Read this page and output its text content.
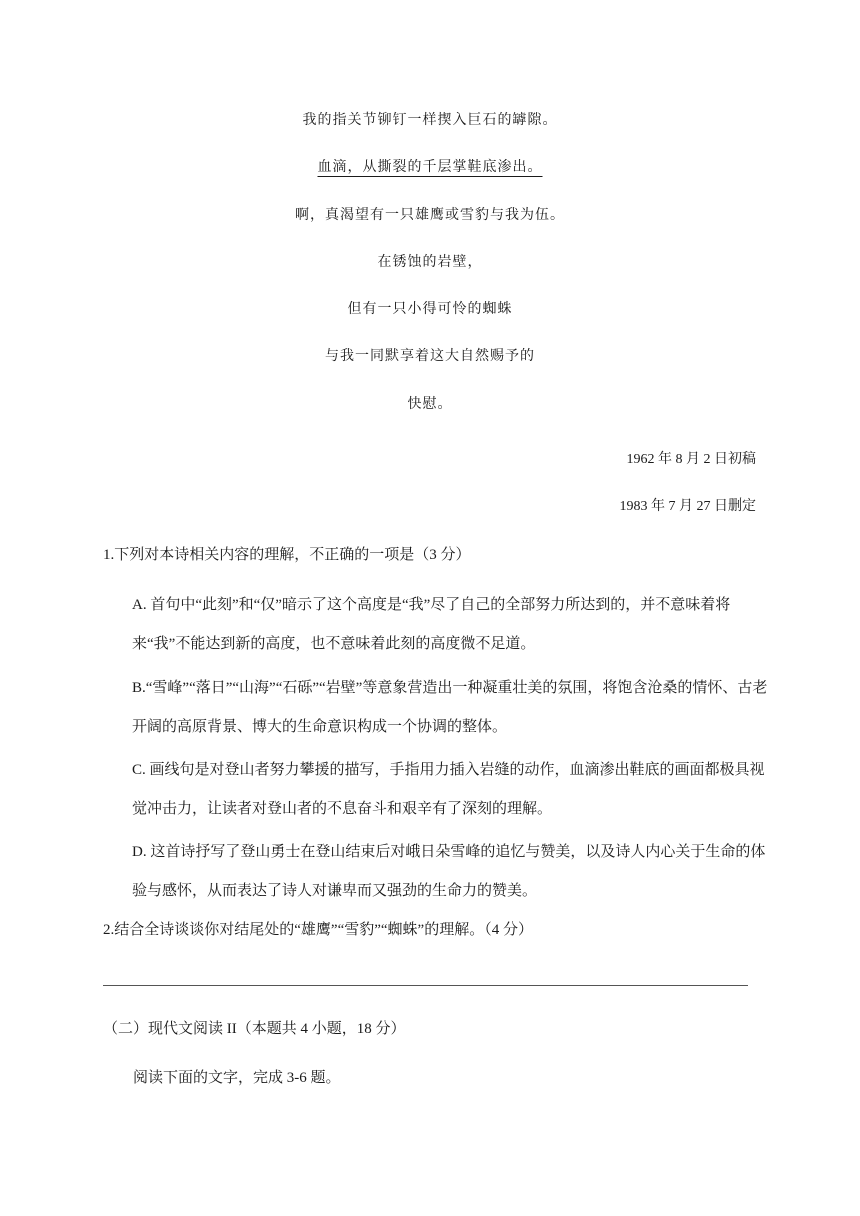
我的指关节铆钉一样揳入巨石的罅隙。
血滴，从撕裂的千层掌鞋底渗出。
啊，真渴望有一只雄鹰或雪豹与我为伍。
在锈蚀的岩壁，
但有一只小得可怜的蜘蛛
与我一同默享着这大自然赐予的
快慰。
1962 年 8 月 2 日初稿
1983 年 7 月 27 日删定
1.下列对本诗相关内容的理解，不正确的一项是（3 分）
A. 首句中“此刻”和“仅”暗示了这个高度是“我”尽了自己的全部努力所达到的，并不意味着将来“我”不能达到新的高度，也不意味着此刻的高度微不足道。
B.“雪峰”“落日”“山海”“石砾”“岩壁”等意象营造出一种凝重壮美的氛围，将饱含沧桑的情怀、古老开阔的高原背景、博大的生命意识构成一个协调的整体。
C. 画线句是对登山者努力攀援的描写，手指用力插入岩缝的动作，血滴渗出鞋底的画面都极具视觉冲击力，让读者对登山者的不息奋斗和艰辛有了深刻的理解。
D. 这首诗抒写了登山勇士在登山结束后对峨日朵雪峰的追忆与赞美，以及诗人内心关于生命的体验与感怀，从而表达了诗人对谦卑而又强劲的生命力的赞美。
2.结合全诗谈谈你对结尾处的“雄鹰”“雪豹”“蜘蛛”的理解。（4 分）
（二）现代文阅读 II（本题共 4 小题，18 分）
阅读下面的文字，完成 3-6 题。
